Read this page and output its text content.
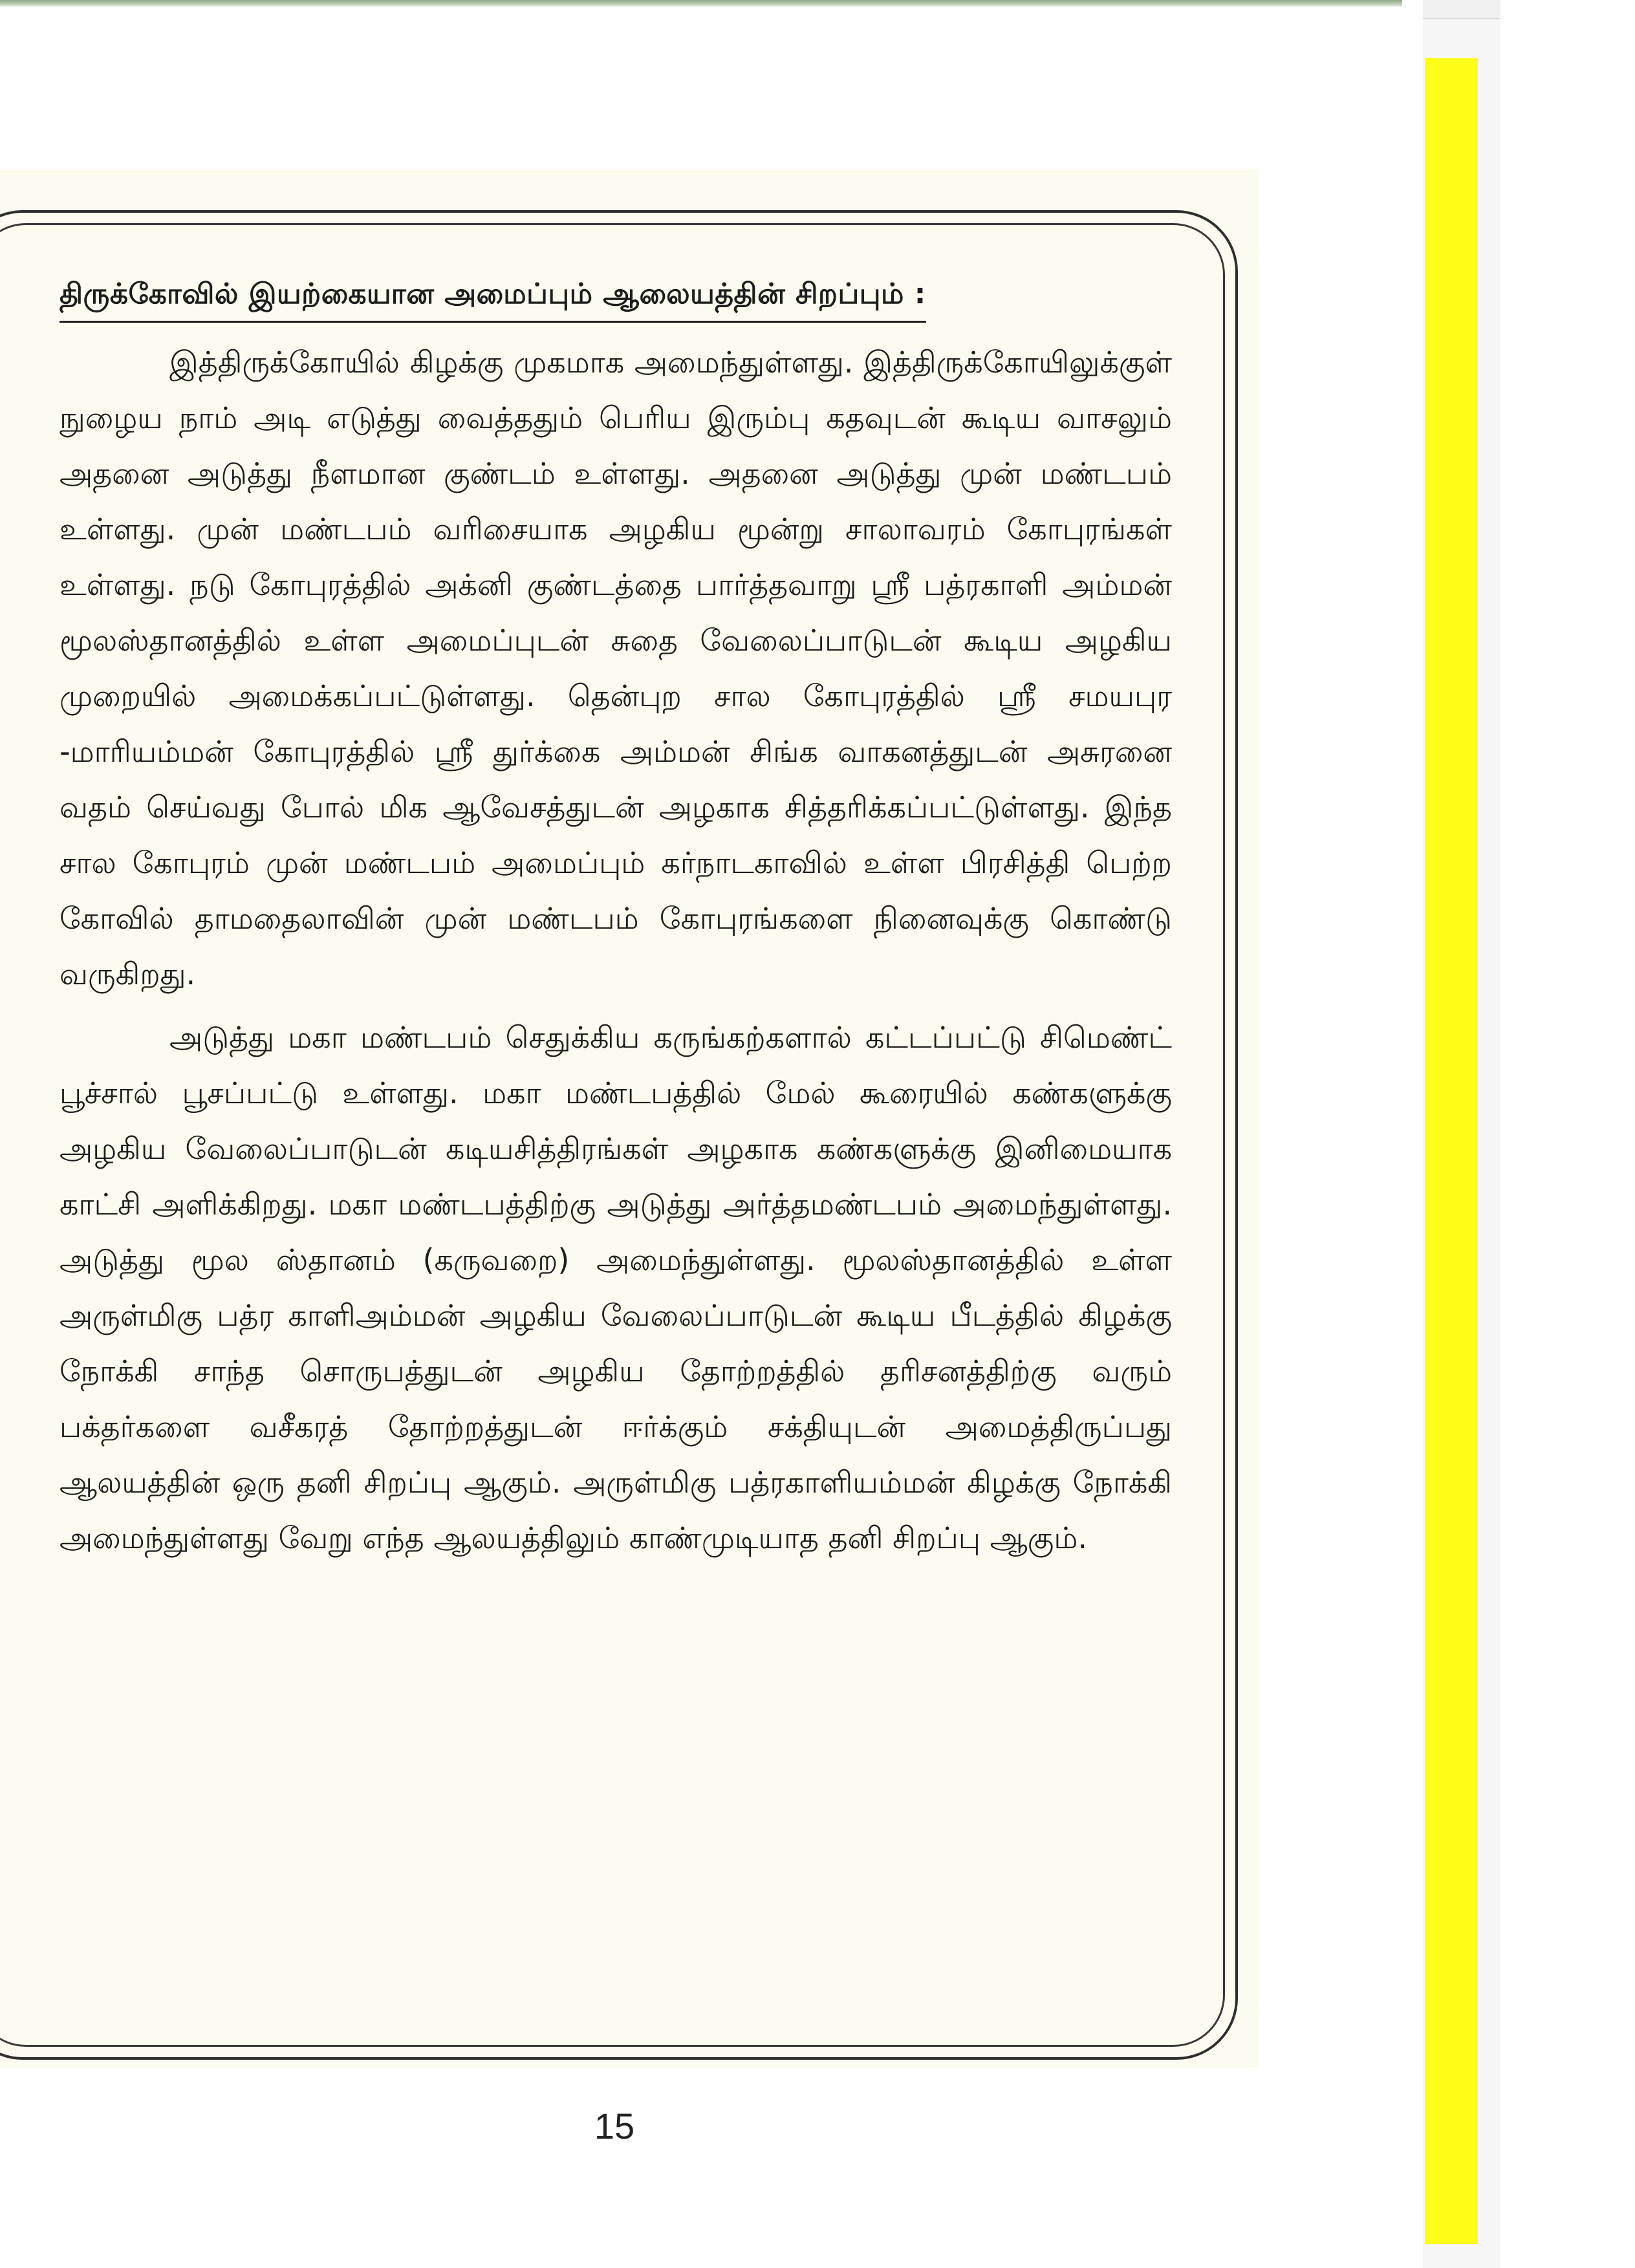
திருக்கோவில் இயற்கையான அமைப்பும் ஆலையத்தின் சிறப்பும் :

இத்திருக்கோயில் கிழக்கு முகமாக அமைந்துள்ளது. இத்திருக்கோயிலுக்குள் நுழைய நாம் அடி எடுத்து வைத்ததும் பெரிய இரும்பு கதவுடன் கூடிய வாசலும் அதனை அடுத்து நீளமான குண்டம் உள்ளது. அதனை அடுத்து முன் மண்டபம் உள்ளது. முன் மண்டபம் வரிசையாக அழகிய மூன்று சாலாவரம் கோபுரங்கள் உள்ளது. நடு கோபுரத்தில் அக்னி குண்டத்தை பார்த்தவாறு ஸ்ரீ பத்ரகாளி அம்மன் மூலஸ்தானத்தில் உள்ள அமைப்புடன் சுதை வேலைப்பாடுடன் கூடிய அழகிய முறையில் அமைக்கப்பட்டுள்ளது. தென்புற சால கோபுரத்தில் ஸ்ரீ சமயபுர -மாரியம்மன் கோபுரத்தில் ஸ்ரீ துர்க்கை அம்மன் சிங்க வாகனத்துடன் அசுரனை வதம் செய்வது போல் மிக ஆவேசத்துடன் அழகாக சித்தரிக்கப்பட்டுள்ளது. இந்த சால கோபுரம் முன் மண்டபம் அமைப்பும் கர்நாடகாவில் உள்ள பிரசித்தி பெற்ற கோவில் தாமதைலாவின் முன் மண்டபம் கோபுரங்களை நினைவுக்கு கொண்டு வருகிறது.

அடுத்து மகா மண்டபம் செதுக்கிய கருங்கற்களால் கட்டப்பட்டு சிமெண்ட் பூச்சால் பூசப்பட்டு உள்ளது. மகா மண்டபத்தில் மேல் கூரையில் கண்களுக்கு அழகிய வேலைப்பாடுடன் கடியசித்திரங்கள் அழகாக கண்களுக்கு இனிமையாக காட்சி அளிக்கிறது. மகா மண்டபத்திற்கு அடுத்து அர்த்தமண்டபம் அமைந்துள்ளது. அடுத்து மூல ஸ்தானம் (கருவறை) அமைந்துள்ளது. மூலஸ்தானத்தில் உள்ள அருள்மிகு பத்ர காளிஅம்மன் அழகிய வேலைப்பாடுடன் கூடிய பீடத்தில் கிழக்கு நோக்கி சாந்த சொருபத்துடன் அழகிய தோற்றத்தில் தரிசனத்திற்கு வரும் பக்தர்களை வசீகரத் தோற்றத்துடன் ஈர்க்கும் சக்தியுடன் அமைத்திருப்பது ஆலயத்தின் ஒரு தனி சிறப்பு ஆகும். அருள்மிகு பத்ரகாளியம்மன் கிழக்கு நோக்கி அமைந்துள்ளது வேறு எந்த ஆலயத்திலும் காண்முடியாத தனி சிறப்பு ஆகும்.

15
